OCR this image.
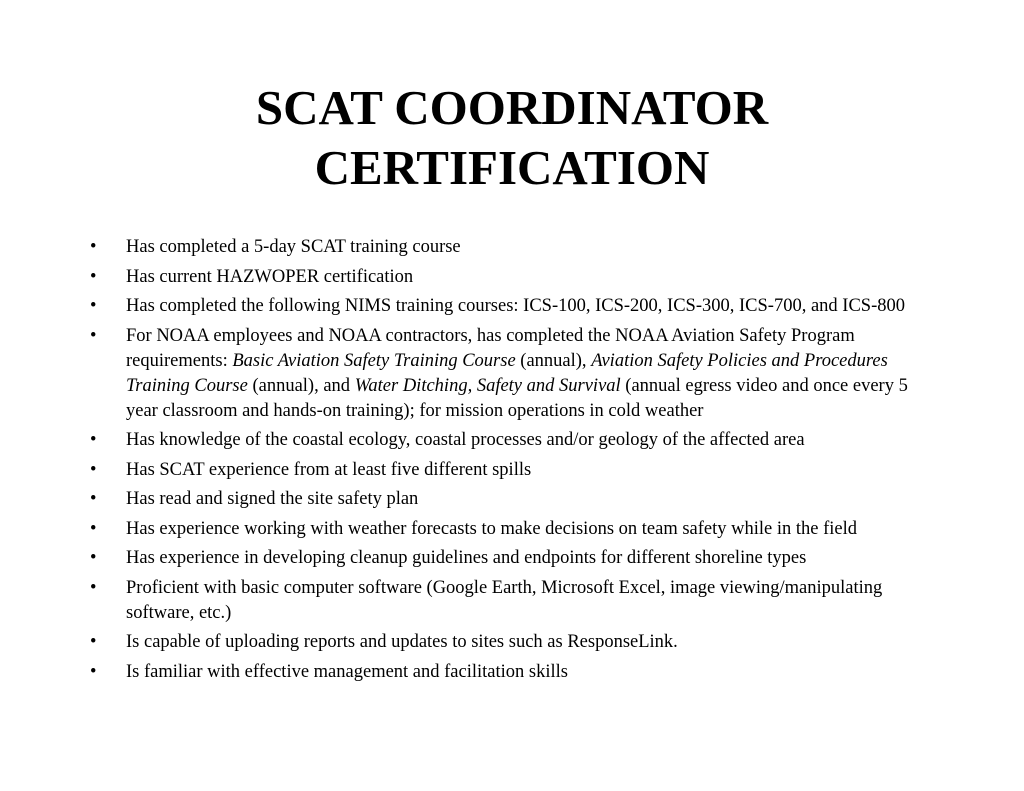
SCAT COORDINATOR
CERTIFICATION
• Has completed a 5-day SCAT training course
• Has current HAZWOPER certification
• Has completed the following NIMS training courses: ICS-100, ICS-200, ICS-300, ICS-700, and ICS-800
• For NOAA employees and NOAA contractors, has completed the NOAA Aviation Safety Program requirements: Basic Aviation Safety Training Course (annual), Aviation Safety Policies and Procedures Training Course (annual), and Water Ditching, Safety and Survival (annual egress video and once every 5 year classroom and hands-on training); for mission operations in cold weather
• Has knowledge of the coastal ecology, coastal processes and/or geology of the affected area
• Has SCAT experience from at least five different spills
• Has read and signed the site safety plan
• Has experience working with weather forecasts to make decisions on team safety while in the field
• Has experience in developing cleanup guidelines and endpoints for different shoreline types
• Proficient with basic computer software (Google Earth, Microsoft Excel, image viewing/manipulating software, etc.)
• Is capable of uploading reports and updates to sites such as ResponseLink.
• Is familiar with effective management and facilitation skills
